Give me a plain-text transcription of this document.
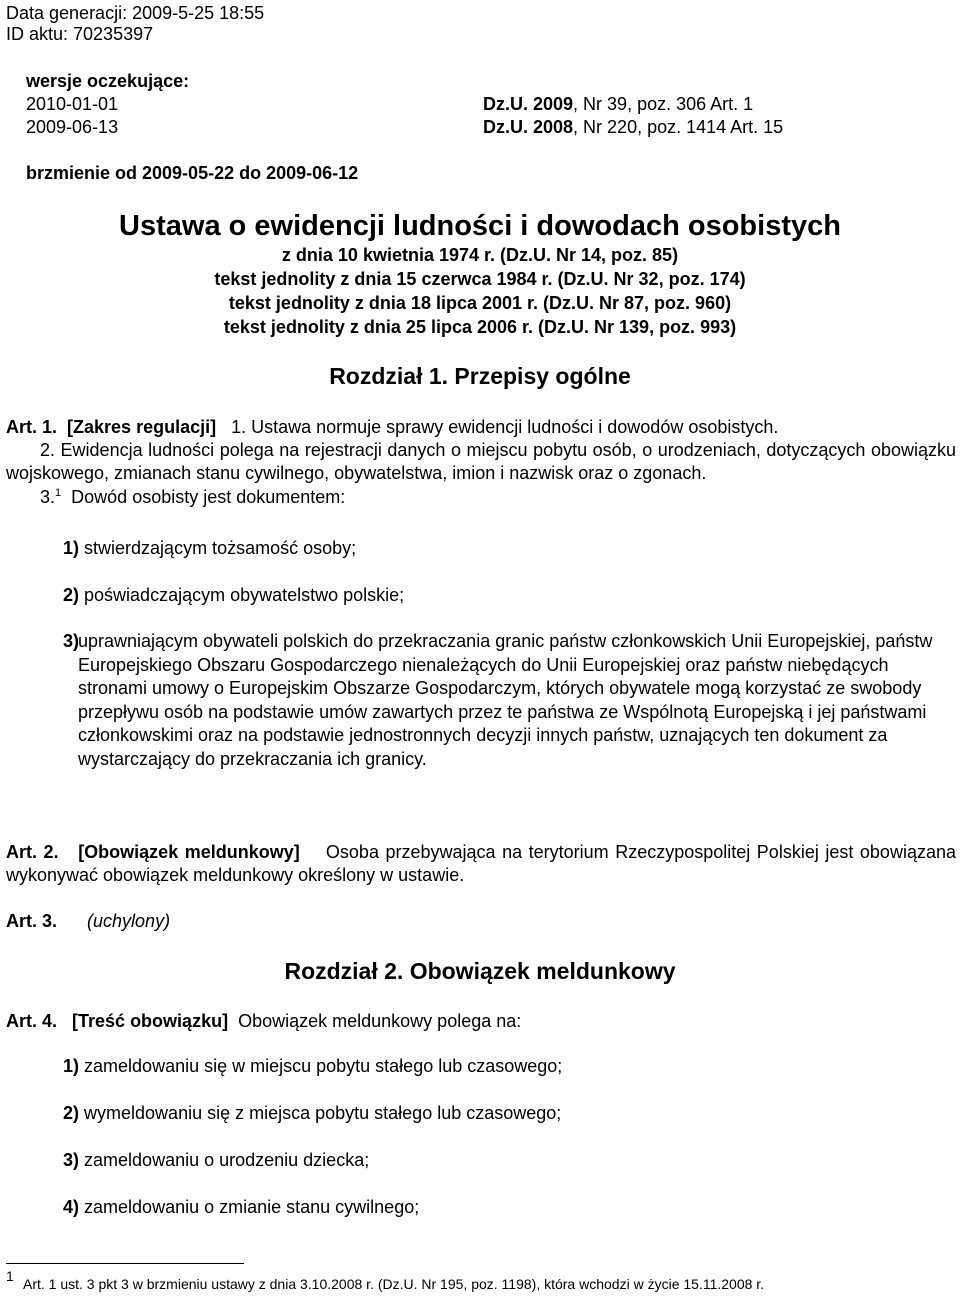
Data generacji: 2009-5-25 18:55
ID aktu: 70235397
wersje oczekujące:
2010-01-01	Dz.U. 2009, Nr 39, poz. 306 Art. 1
2009-06-13	Dz.U. 2008, Nr 220, poz. 1414 Art. 15
brzmienie od 2009-05-22 do 2009-06-12
Ustawa o ewidencji ludności i dowodach osobistych
z dnia 10 kwietnia 1974 r. (Dz.U. Nr 14, poz. 85)
tekst jednolity z dnia 15 czerwca 1984 r. (Dz.U. Nr 32, poz. 174)
tekst jednolity z dnia 18 lipca 2001 r. (Dz.U. Nr 87, poz. 960)
tekst jednolity z dnia 25 lipca 2006 r. (Dz.U. Nr 139, poz. 993)
Rozdział 1. Przepisy ogólne
Art. 1. [Zakres regulacji] 1. Ustawa normuje sprawy ewidencji ludności i dowodów osobistych.
2. Ewidencja ludności polega na rejestracji danych o miejscu pobytu osób, o urodzeniach, dotyczących obowiązku wojskowego, zmianach stanu cywilnego, obywatelstwa, imion i nazwisk oraz o zgonach.
3.$^1$ Dowód osobisty jest dokumentem:
1) stwierdzającym tożsamość osoby;
2) poświadczającym obywatelstwo polskie;
3)
uprawniającym obywateli polskich do przekraczania granic państw członkowskich Unii Europejskiej, państw Europejskiego Obszaru Gospodarczego nienależących do Unii Europejskiej oraz państw niebędących stronami umowy o Europejskim Obszarze Gospodarczym, których obywatele mogą korzystać ze swobody przepływu osób na podstawie umów zawartych przez te państwa ze Wspólnotą Europejską i jej państwami członkowskimi oraz na podstawie jednostronnych decyzji innych państw, uznających ten dokument za wystarczający do przekraczania ich granicy.
Art. 2. [Obowiązek meldunkowy] Osoba przebywająca na terytorium Rzeczypospolitej Polskiej jest obowiązana wykonywać obowiązek meldunkowy określony w ustawie.
Art. 3. (uchylony)
Rozdział 2. Obowiązek meldunkowy
Art. 4. [Treść obowiązku] Obowiązek meldunkowy polega na:
1) zameldowaniu się w miejscu pobytu stałego lub czasowego;
2) wymeldowaniu się z miejsca pobytu stałego lub czasowego;
3) zameldowaniu o urodzeniu dziecka;
4) zameldowaniu o zmianie stanu cywilnego;
1 Art. 1 ust. 3 pkt 3 w brzmieniu ustawy z dnia 3.10.2008 r. (Dz.U. Nr 195, poz. 1198), która wchodzi w życie 15.11.2008 r.
